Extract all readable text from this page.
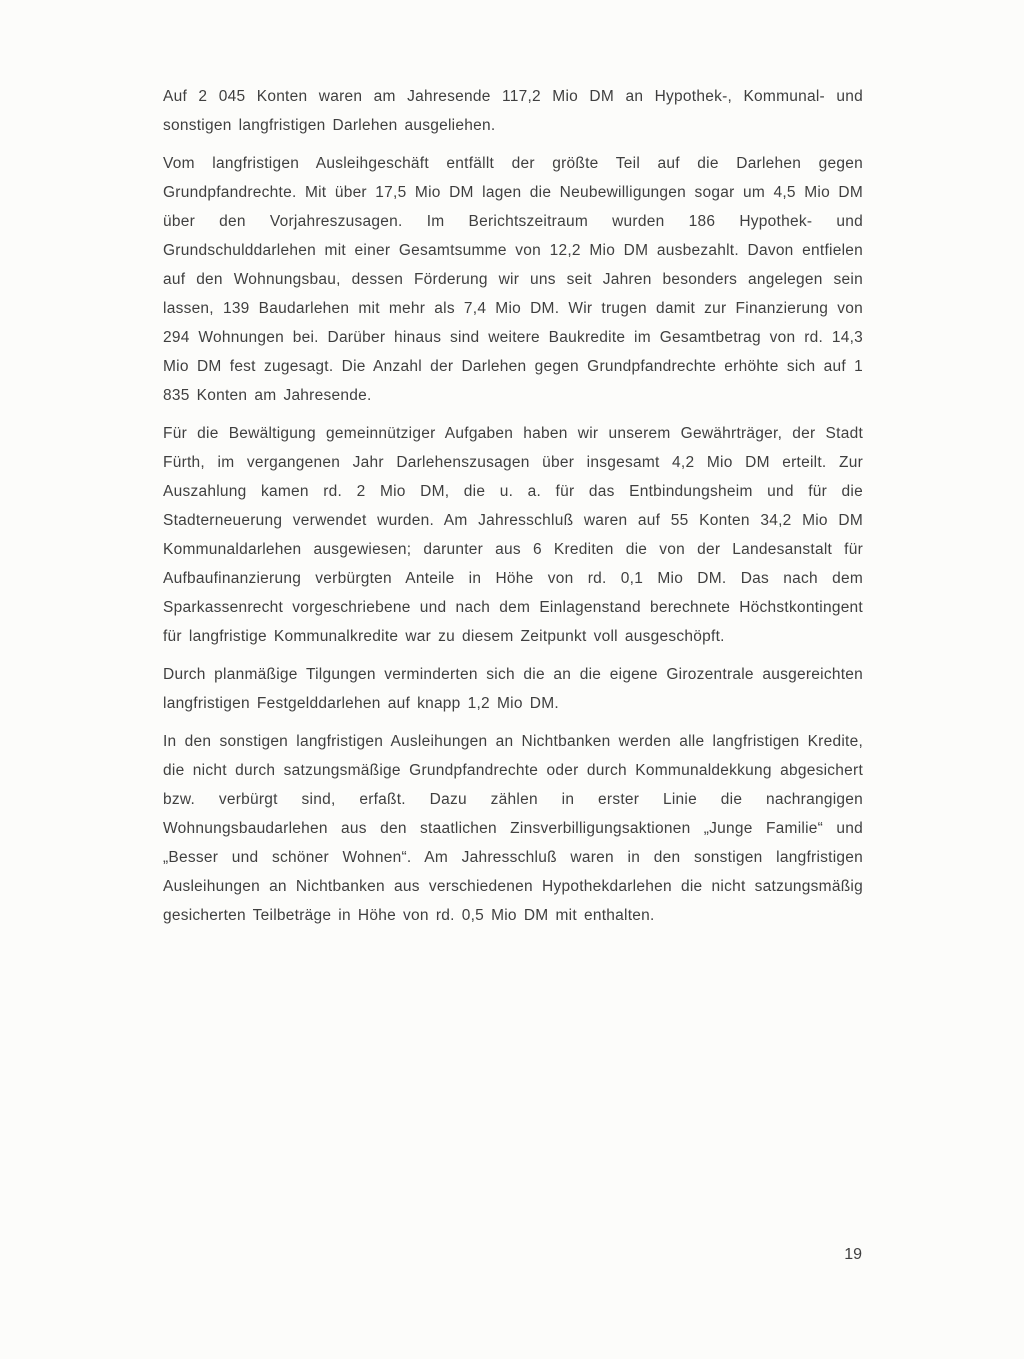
Auf 2 045 Konten waren am Jahresende 117,2 Mio DM an Hypothek-, Kommunal- und sonstigen langfristigen Darlehen ausgeliehen.

Vom langfristigen Ausleihgeschäft entfällt der größte Teil auf die Darlehen gegen Grundpfandrechte. Mit über 17,5 Mio DM lagen die Neubewilligungen sogar um 4,5 Mio DM über den Vorjahreszusagen. Im Berichtszeitraum wurden 186 Hypothek- und Grundschulddarlehen mit einer Gesamtsumme von 12,2 Mio DM ausbezahlt. Davon entfielen auf den Wohnungsbau, dessen Förderung wir uns seit Jahren besonders angelegen sein lassen, 139 Baudarlehen mit mehr als 7,4 Mio DM. Wir trugen damit zur Finanzierung von 294 Wohnungen bei. Darüber hinaus sind weitere Baukredite im Gesamtbetrag von rd. 14,3 Mio DM fest zugesagt. Die Anzahl der Darlehen gegen Grundpfandrechte erhöhte sich auf 1 835 Konten am Jahresende.

Für die Bewältigung gemeinnütziger Aufgaben haben wir unserem Gewährträger, der Stadt Fürth, im vergangenen Jahr Darlehenszusagen über insgesamt 4,2 Mio DM erteilt. Zur Auszahlung kamen rd. 2 Mio DM, die u. a. für das Entbindungsheim und für die Stadterneuerung verwendet wurden. Am Jahresschluß waren auf 55 Konten 34,2 Mio DM Kommunaldarlehen ausgewiesen; darunter aus 6 Krediten die von der Landesanstalt für Aufbaufinanzierung verbürgten Anteile in Höhe von rd. 0,1 Mio DM. Das nach dem Sparkassenrecht vorgeschriebene und nach dem Einlagenstand berechnete Höchstkontingent für langfristige Kommunalkredite war zu diesem Zeitpunkt voll ausgeschöpft.

Durch planmäßige Tilgungen verminderten sich die an die eigene Girozentrale ausgereichten langfristigen Festgelddarlehen auf knapp 1,2 Mio DM.

In den sonstigen langfristigen Ausleihungen an Nichtbanken werden alle langfristigen Kredite, die nicht durch satzungsmäßige Grundpfandrechte oder durch Kommunaldekkung abgesichert bzw. verbürgt sind, erfaßt. Dazu zählen in erster Linie die nachrangigen Wohnungsbaudarlehen aus den staatlichen Zinsverbilligungsaktionen „Junge Familie“ und „Besser und schöner Wohnen“. Am Jahresschluß waren in den sonstigen langfristigen Ausleihungen an Nichtbanken aus verschiedenen Hypothekdarlehen die nicht satzungsmäßig gesicherten Teilbeträge in Höhe von rd. 0,5 Mio DM mit enthalten.

19
